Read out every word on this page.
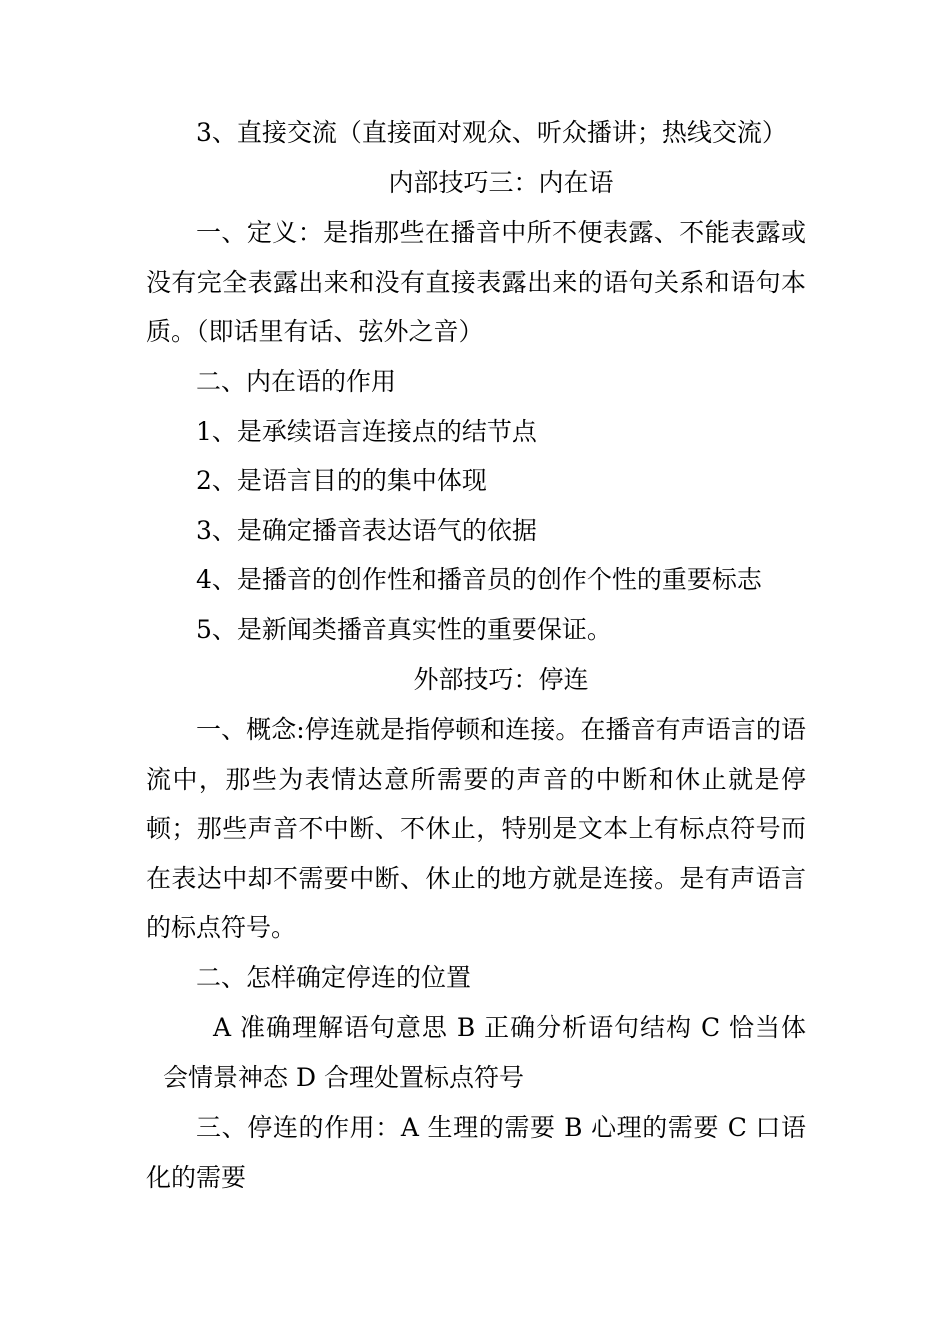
3、直接交流（直接面对观众、听众播讲；热线交流）

内部技巧三：内在语

一、定义：是指那些在播音中所不便表露、不能表露或没有完全表露出来和没有直接表露出来的语句关系和语句本质。（即话里有话、弦外之音）

二、内在语的作用

1、是承续语言连接点的结节点

2、是语言目的的集中体现

3、是确定播音表达语气的依据

4、是播音的创作性和播音员的创作个性的重要标志

5、是新闻类播音真实性的重要保证。

外部技巧：停连

一、概念:停连就是指停顿和连接。在播音有声语言的语流中，那些为表情达意所需要的声音的中断和休止就是停顿；那些声音不中断、不休止，特别是文本上有标点符号而在表达中却不需要中断、休止的地方就是连接。是有声语言的标点符号。

二、怎样确定停连的位置

A 准确理解语句意思 B 正确分析语句结构 C 恰当体会情景神态 D 合理处置标点符号

三、停连的作用：A 生理的需要 B 心理的需要 C 口语化的需要
